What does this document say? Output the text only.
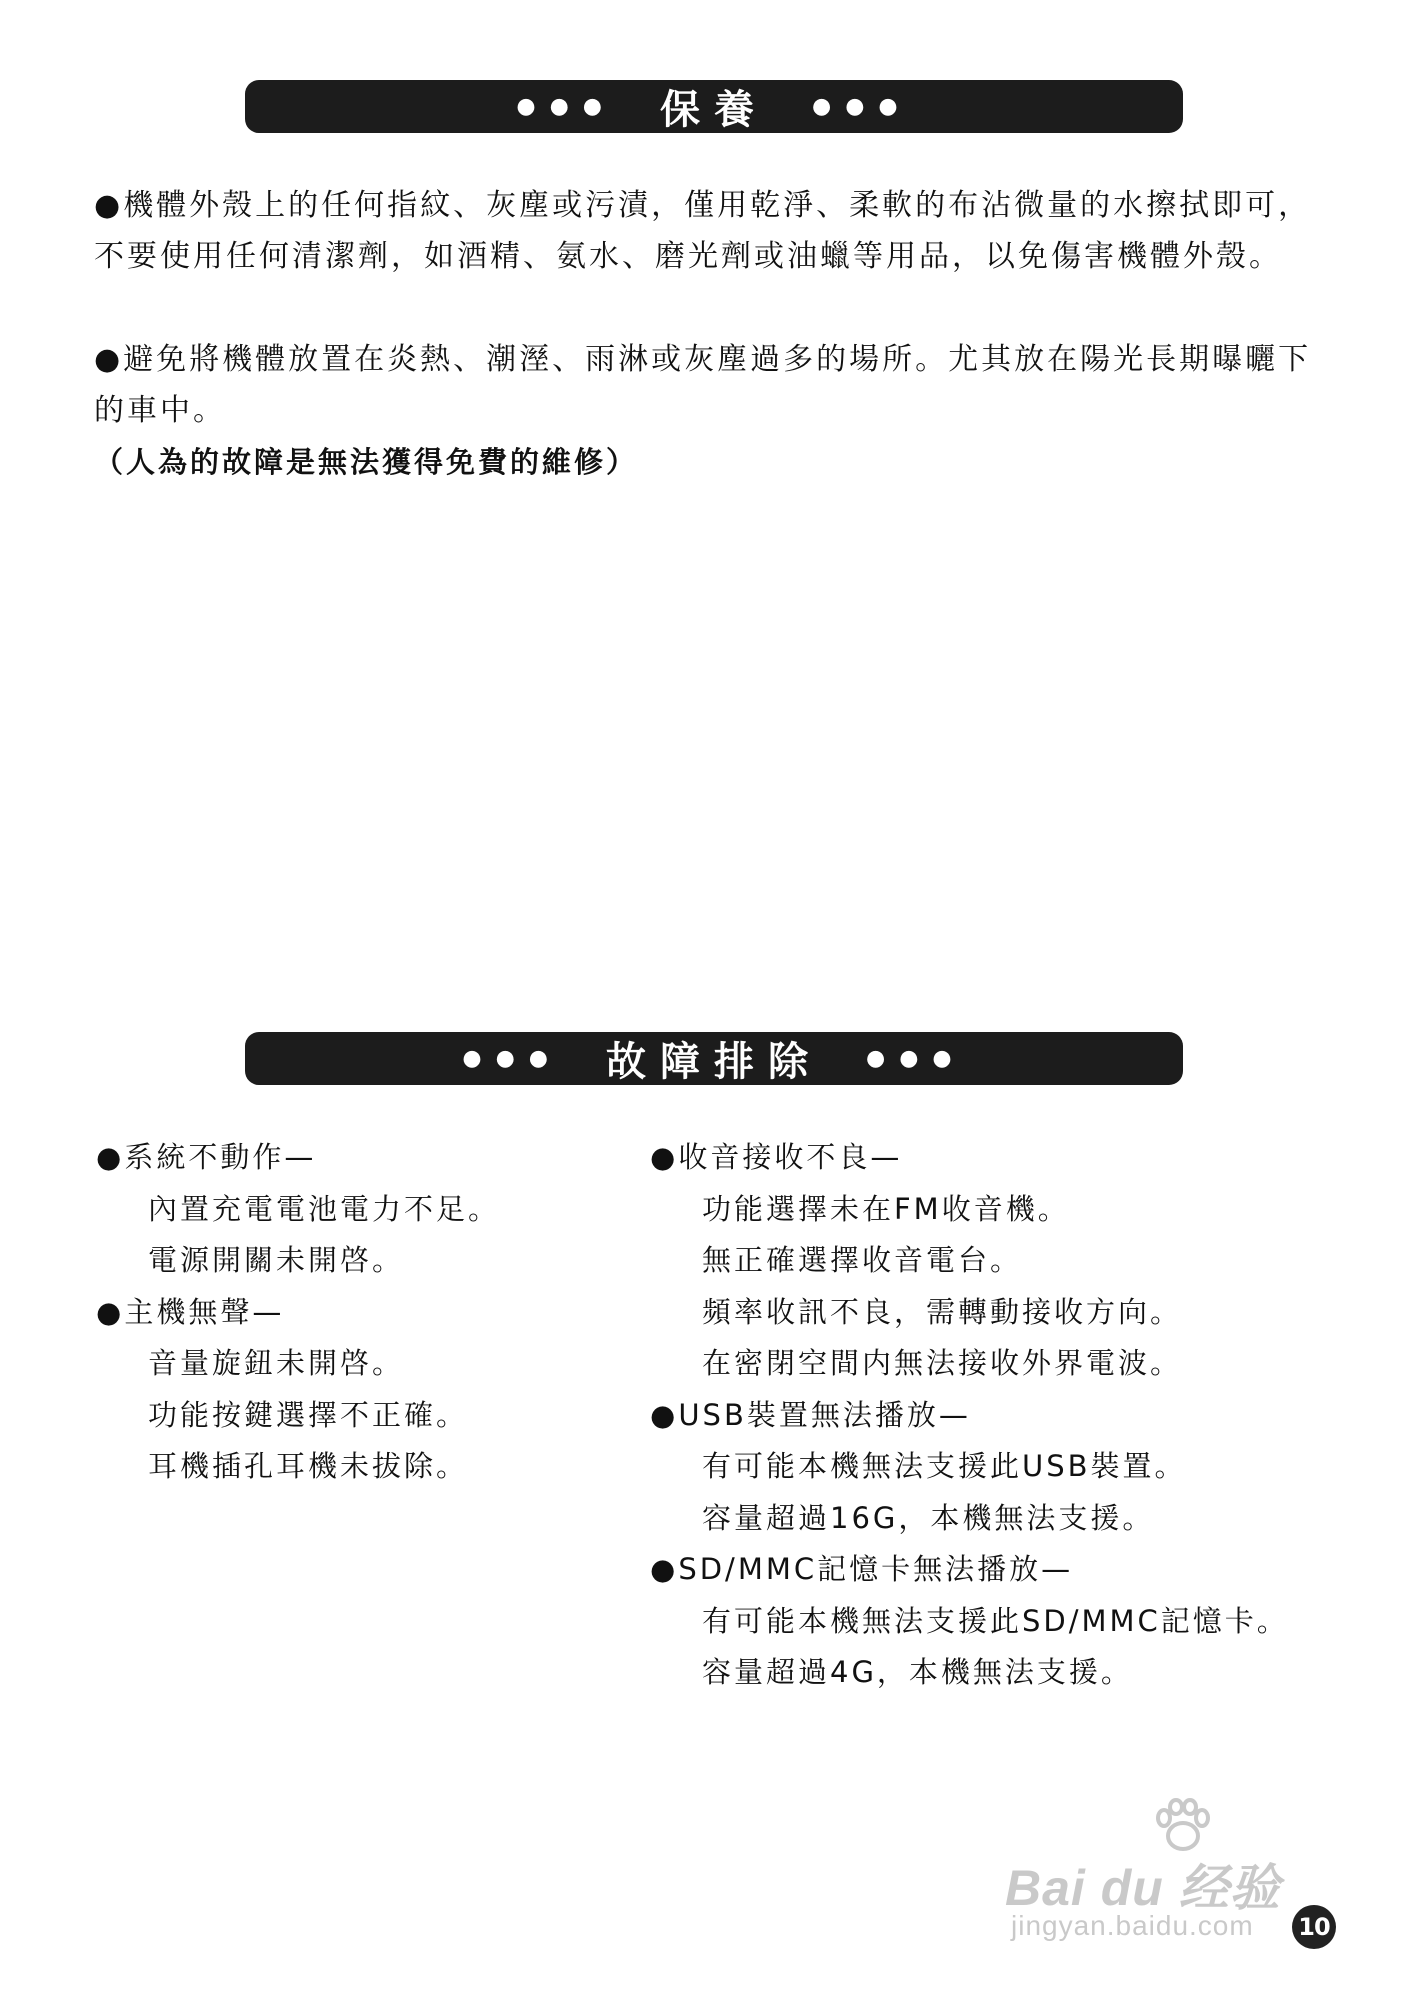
●●● 保養 ●●●

●機體外殼上的任何指紋、灰塵或污漬，僅用乾淨、柔軟的布沾微量的水擦拭即可，不要使用任何清潔劑，如酒精、氨水、磨光劑或油蠟等用品，以免傷害機體外殼。

●避免將機體放置在炎熱、潮溼、雨淋或灰塵過多的場所。尤其放在陽光長期曝曬下的車中。

（人為的故障是無法獲得免費的維修）

●●● 故障排除 ●●●
●系統不動作—
內置充電電池電力不足。
電源開關未開啓。
●主機無聲—
音量旋鈕未開啓。
功能按鍵選擇不正確。
耳機插孔耳機未拔除。
●收音接收不良—
功能選擇未在FM收音機。
無正確選擇收音電台。
頻率收訊不良，需轉動接收方向。
在密閉空間内無法接收外界電波。
●USB裝置無法播放—
有可能本機無法支援此USB裝置。
容量超過16G，本機無法支援。
●SD/MMC記憶卡無法播放—
有可能本機無法支援此SD/MMC記憶卡。
容量超過4G，本機無法支援。
Bai du 经验
jingyan.baidu.com 10
